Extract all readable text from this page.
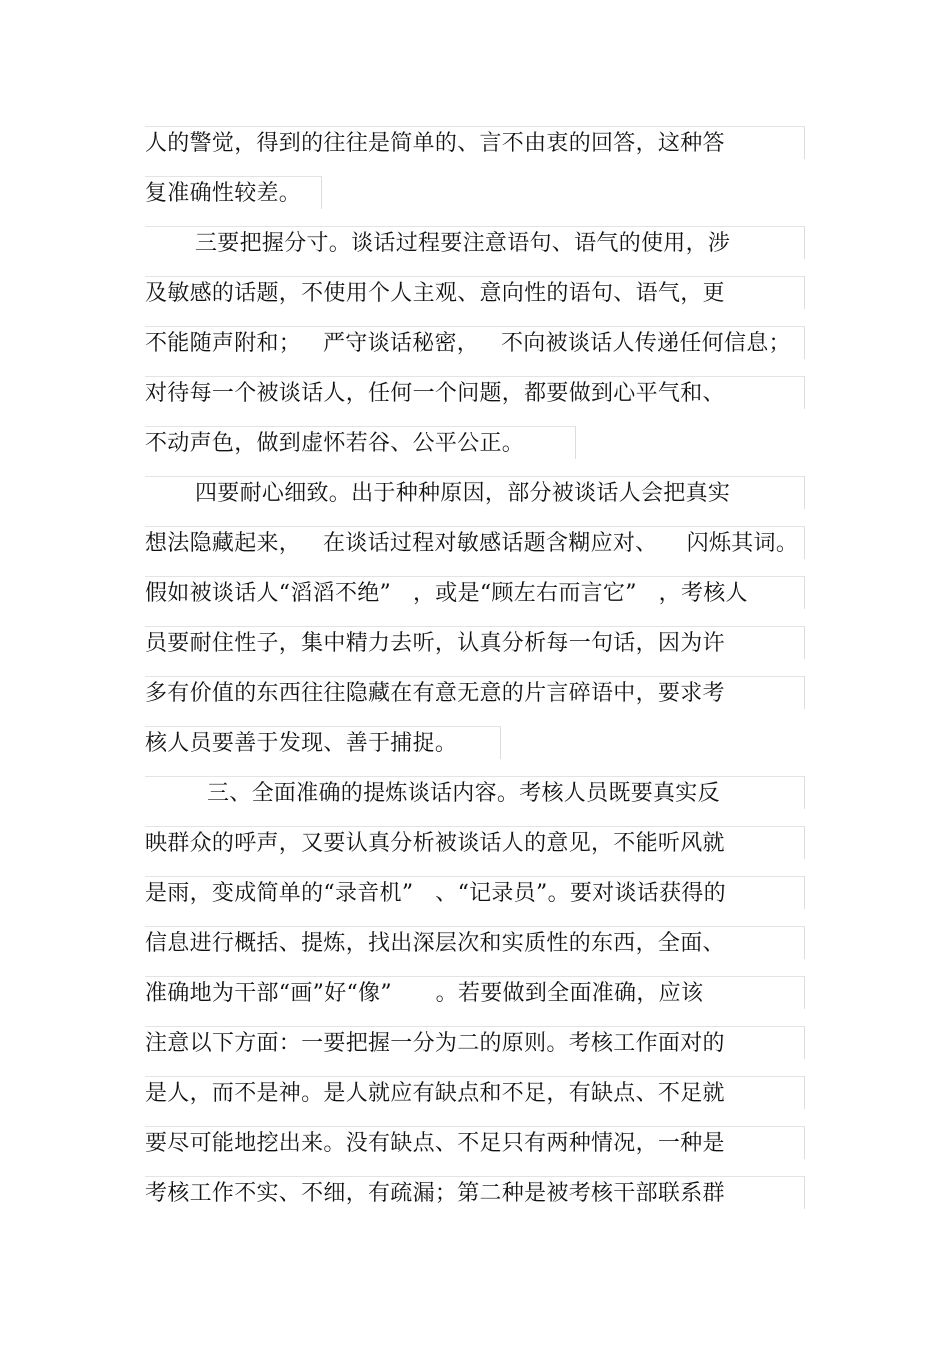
人的警觉，得到的往往是简单的、言不由衷的回答，这种答
复准确性较差。
三要把握分寸。谈话过程要注意语句、语气的使用，涉
及敏感的话题，不使用个人主观、意向性的语句、语气，更
不能随声附和；   严守谈话秘密，   不向被谈话人传递任何信息；
对待每一个被谈话人，任何一个问题，都要做到心平气和、
不动声色，做到虚怀若谷、公平公正。
四要耐心细致。出于种种原因，部分被谈话人会把真实
想法隐藏起来，   在谈话过程对敏感话题含糊应对、    闪烁其词。
假如被谈话人“滔滔不绝”   ，或是“顾左右而言它”   ，考核人
员要耐住性子，集中精力去听，认真分析每一句话，因为许
多有价值的东西往往隐藏在有意无意的片言碎语中，要求考
核人员要善于发现、善于捕捉。
三、全面准确的提炼谈话内容。考核人员既要真实反
映群众的呼声，又要认真分析被谈话人的意见，不能听风就
是雨，变成简单的“录音机”   、“记录员”。要对谈话获得的
信息进行概括、提炼，找出深层次和实质性的东西，全面、
准确地为干部“画”好“像”      。若要做到全面准确，应该
注意以下方面：一要把握一分为二的原则。考核工作面对的
是人，而不是神。是人就应有缺点和不足，有缺点、不足就
要尽可能地挖出来。没有缺点、不足只有两种情况，一种是
考核工作不实、不细，有疏漏；第二种是被考核干部联系群
